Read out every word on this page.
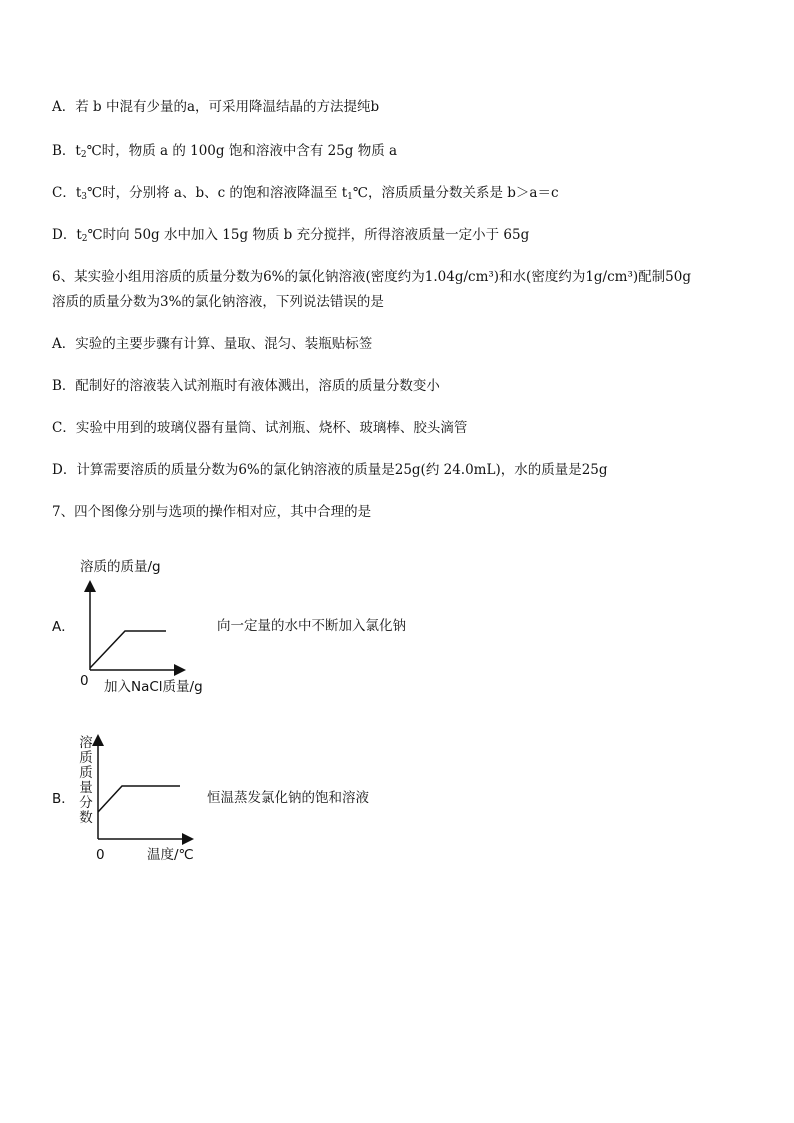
A．若 b 中混有少量的a，可采用降温结晶的方法提纯b
B．$t_2℃$时，物质 a 的 100g 饱和溶液中含有 25g 物质 a
C．$t_3℃$时，分别将 a、b、c 的饱和溶液降温至 $t_1℃$，溶质质量分数关系是 b＞a＝c
D．$t_2℃$时向 50g 水中加入 15g 物质 b 充分搅拌，所得溶液质量一定小于 65g
6、某实验小组用溶质的质量分数为6%的氯化钠溶液(密度约为1.04g/cm³)和水(密度约为1g/cm³)配制50g
溶质的质量分数为3%的氯化钠溶液，下列说法错误的是
A．实验的主要步骤有计算、量取、混匀、装瓶贴标签
B．配制好的溶液装入试剂瓶时有液体溅出，溶质的质量分数变小
C．实验中用到的玻璃仪器有量筒、试剂瓶、烧杯、玻璃棒、胶头滴管
D．计算需要溶质的质量分数为6%的氯化钠溶液的质量是25g(约 24.0mL)，水的质量是25g
7、四个图像分别与选项的操作相对应，其中合理的是
溶质的质量/g
A．
0 加入NaCl质量/g
向一定量的水中不断加入氯化钠
溶质质量分数
B．
0	温度/℃
恒温蒸发氯化钠的饱和溶液
